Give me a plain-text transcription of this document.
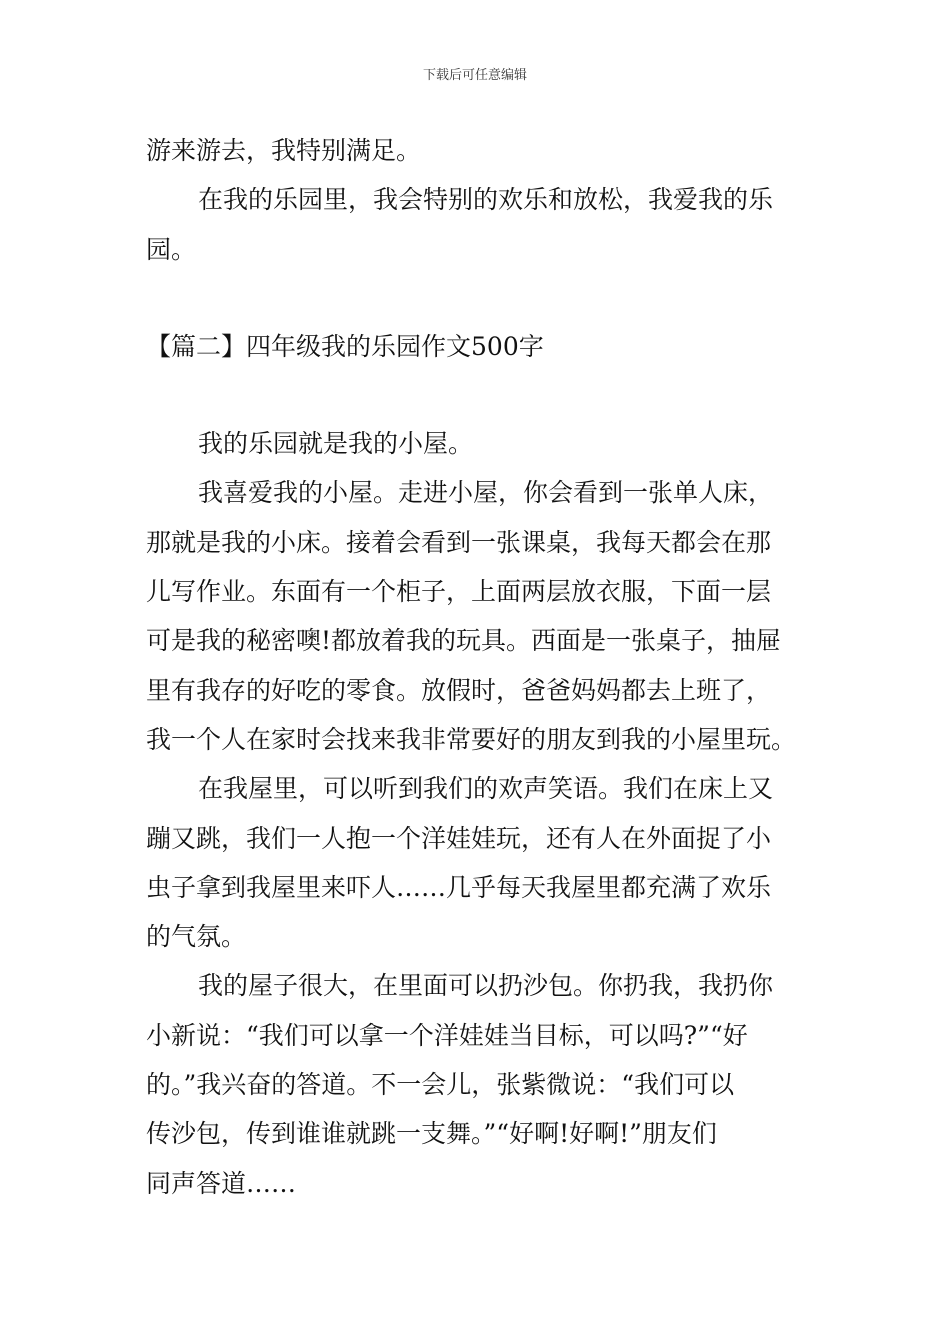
下载后可任意编辑
游来游去，我特别满足。
在我的乐园里，我会特别的欢乐和放松，我爱我的乐
园。
【篇二】四年级我的乐园作文500字
我的乐园就是我的小屋。
我喜爱我的小屋。走进小屋，你会看到一张单人床，
那就是我的小床。接着会看到一张课桌，我每天都会在那
儿写作业。东面有一个柜子，上面两层放衣服，下面一层
可是我的秘密噢!都放着我的玩具。西面是一张桌子，抽屉
里有我存的好吃的零食。放假时，爸爸妈妈都去上班了，
我一个人在家时会找来我非常要好的朋友到我的小屋里玩。
在我屋里，可以听到我们的欢声笑语。我们在床上又
蹦又跳，我们一人抱一个洋娃娃玩，还有人在外面捉了小
虫子拿到我屋里来吓人……几乎每天我屋里都充满了欢乐
的气氛。
我的屋子很大，在里面可以扔沙包。你扔我，我扔你
小新说：“我们可以拿一个洋娃娃当目标，可以吗?”“好
的。”我兴奋的答道。不一会儿，张紫微说：“我们可以
传沙包，传到谁谁就跳一支舞。”“好啊!好啊!”朋友们
同声答道……
